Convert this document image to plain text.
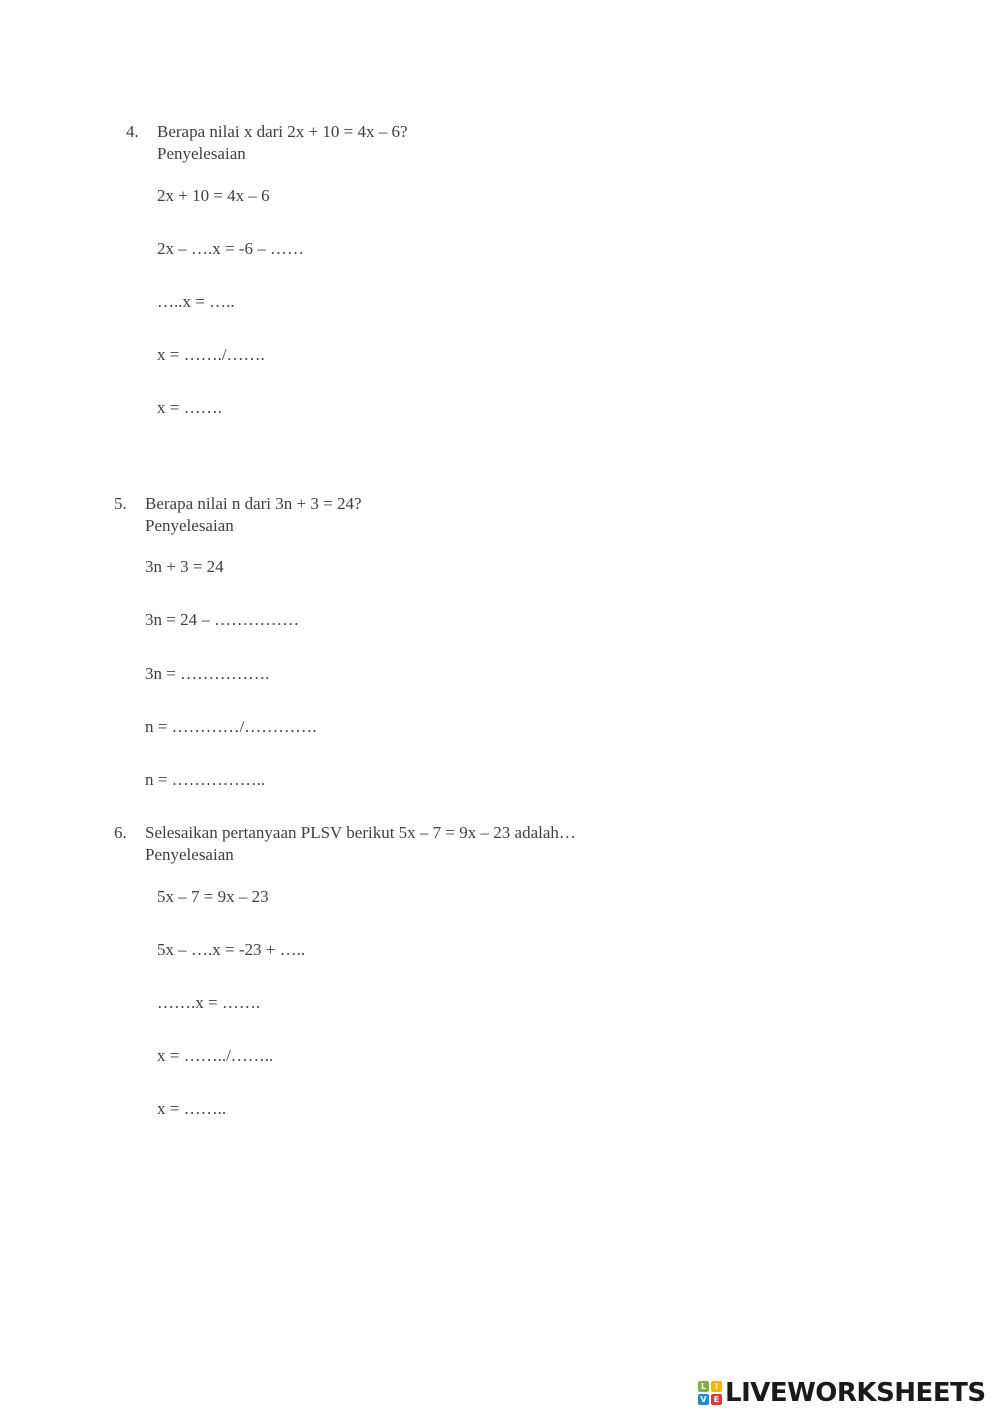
4. Berapa nilai x dari 2x + 10 = 4x – 6?
Penyelesaian
2x + 10 = 4x – 6
2x – ….x = -6 – ……
…..x = …..
x = ……./…….
x = …….
5. Berapa nilai n dari 3n + 3 = 24?
Penyelesaian
3n + 3 = 24
3n = 24 – ……………
3n = …………….
n = …………/………….
n = ……………..
6. Selesaikan pertanyaan PLSV berikut 5x – 7 = 9x – 23 adalah…
Penyelesaian
5x – 7 = 9x – 23
5x – ….x = -23 + …..
…….x = …….
x = ……../……..
x = ……..
L	I
V E LIVEWORKSHEETS
